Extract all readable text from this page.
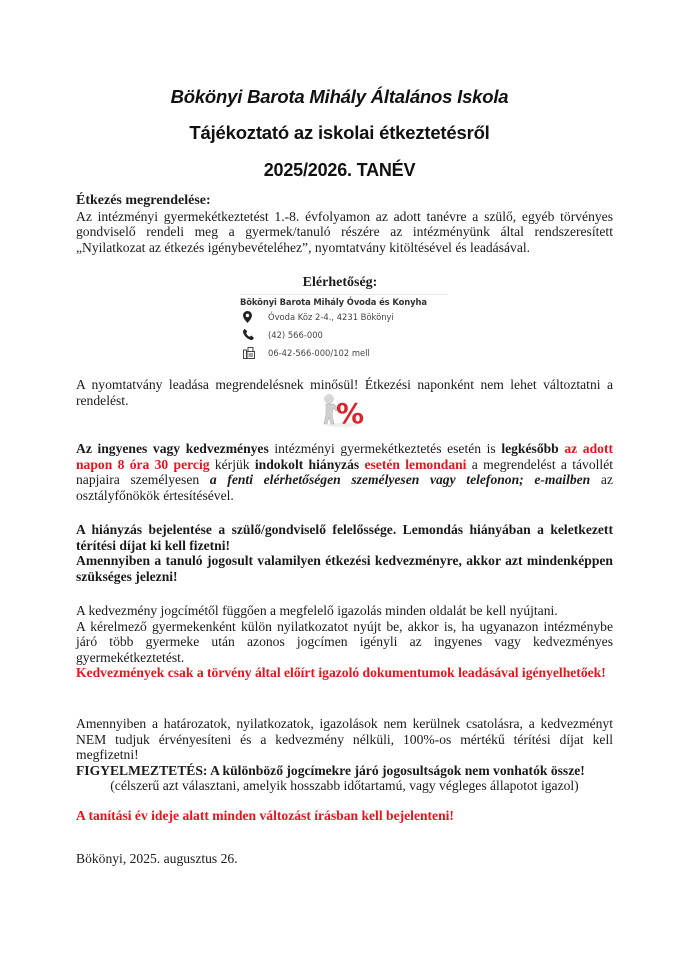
Bökönyi Barota Mihály Általános Iskola
Tájékoztató az iskolai étkeztetésről
2025/2026. TANÉV
Étkezés megrendelése:
Az intézményi gyermekétkeztetést 1.-8. évfolyamon az adott tanévre a szülő, egyéb törvényes gondviselő rendeli meg a gyermek/tanuló részére az intézményünk által rendszeresített „Nyilatkozat az étkezés igénybevételéhez”, nyomtatvány kitöltésével és leadásával.
Elérhetőség:
Bökönyi Barota Mihály Óvoda és Konyha
Óvoda Köz 2-4., 4231 Bökönyi
(42) 566-000
06-42-566-000/102 mell
A nyomtatvány leadása megrendelésnek minősül! Étkezési naponként nem lehet változtatni a rendelést.	%
Az ingyenes vagy kedvezményes intézményi gyermekétkeztetés esetén is legkésőbb az adott napon 8 óra 30 percig kérjük indokolt hiányzás esetén lemondani a megrendelést a távollét napjaira személyesen a fenti elérhetőségen személyesen vagy telefonon; e-mailben az osztályfőnökök értesítésével.
A hiányzás bejelentése a szülő/gondviselő felelőssége. Lemondás hiányában a keletkezett térítési díjat ki kell fizetni!
Amennyiben a tanuló jogosult valamilyen étkezési kedvezményre, akkor azt mindenképpen szükséges jelezni!
A kedvezmény jogcímétől függően a megfelelő igazolás minden oldalát be kell nyújtani.
A kérelmező gyermekenként külön nyilatkozatot nyújt be, akkor is, ha ugyanazon intézménybe járó több gyermeke után azonos jogcímen igényli az ingyenes vagy kedvezményes gyermekétkeztetést.
Kedvezmények csak a törvény által előírt igazoló dokumentumok leadásával igényelhetőek!
Amennyiben a határozatok, nyilatkozatok, igazolások nem kerülnek csatolásra, a kedvezményt NEM tudjuk érvényesíteni és a kedvezmény nélküli, 100%-os mértékű térítési díjat kell megfizetni!
FIGYELMEZTETÉS: A különböző jogcímekre járó jogosultságok nem vonhatók össze!
(célszerű azt választani, amelyik hosszabb időtartamú, vagy végleges állapotot igazol)
A tanítási év ideje alatt minden változást írásban kell bejelenteni!
Bökönyi, 2025. augusztus 26.
